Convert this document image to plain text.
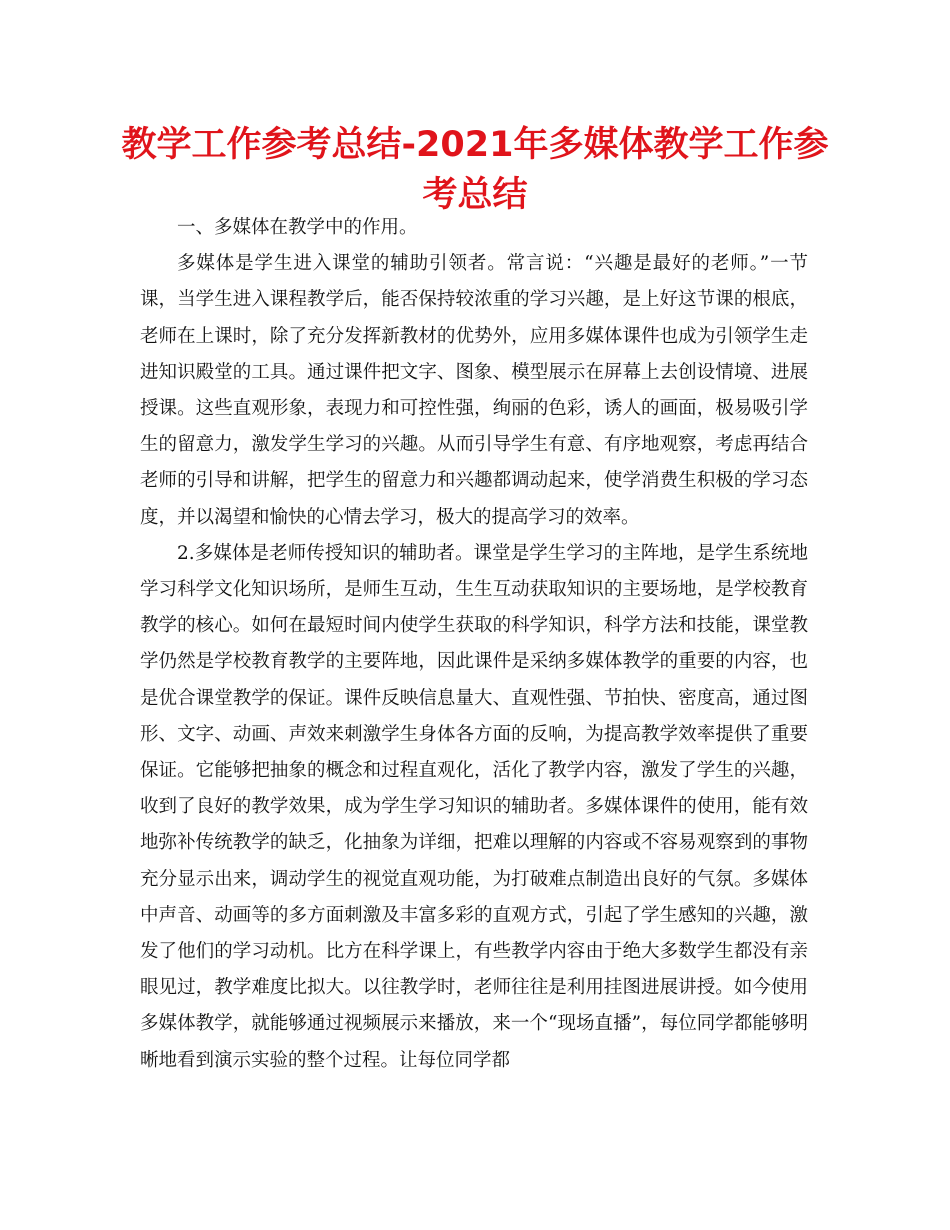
教学工作参考总结-2021年多媒体教学工作参考总结

一、多媒体在教学中的作用。

多媒体是学生进入课堂的辅助引领者。常言说：“兴趣是最好的老师。”一节课，当学生进入课程教学后，能否保持较浓重的学习兴趣，是上好这节课的根底，老师在上课时，除了充分发挥新教材的优势外，应用多媒体课件也成为引领学生走进知识殿堂的工具。通过课件把文字、图象、模型展示在屏幕上去创设情境、进展授课。这些直观形象，表现力和可控性强，绚丽的色彩，诱人的画面，极易吸引学生的留意力，激发学生学习的兴趣。从而引导学生有意、有序地观察，考虑再结合老师的引导和讲解，把学生的留意力和兴趣都调动起来，使学消费生积极的学习态度，并以渴望和愉快的心情去学习，极大的提高学习的效率。

2.多媒体是老师传授知识的辅助者。课堂是学生学习的主阵地，是学生系统地学习科学文化知识场所，是师生互动，生生互动获取知识的主要场地，是学校教育教学的核心。如何在最短时间内使学生获取的科学知识，科学方法和技能，课堂教学仍然是学校教育教学的主要阵地，因此课件是采纳多媒体教学的重要的内容，也是优合课堂教学的保证。课件反映信息量大、直观性强、节拍快、密度高，通过图形、文字、动画、声效来刺激学生身体各方面的反响，为提高教学效率提供了重要保证。它能够把抽象的概念和过程直观化，活化了教学内容，激发了学生的兴趣，收到了良好的教学效果，成为学生学习知识的辅助者。多媒体课件的使用，能有效地弥补传统教学的缺乏，化抽象为详细，把难以理解的内容或不容易观察到的事物充分显示出来，调动学生的视觉直观功能，为打破难点制造出良好的气氛。多媒体中声音、动画等的多方面刺激及丰富多彩的直观方式，引起了学生感知的兴趣，激发了他们的学习动机。比方在科学课上，有些教学内容由于绝大多数学生都没有亲眼见过，教学难度比拟大。以往教学时，老师往往是利用挂图进展讲授。如今使用多媒体教学，就能够通过视频展示来播放，来一个“现场直播”，每位同学都能够明晰地看到演示实验的整个过程。让每位同学都
